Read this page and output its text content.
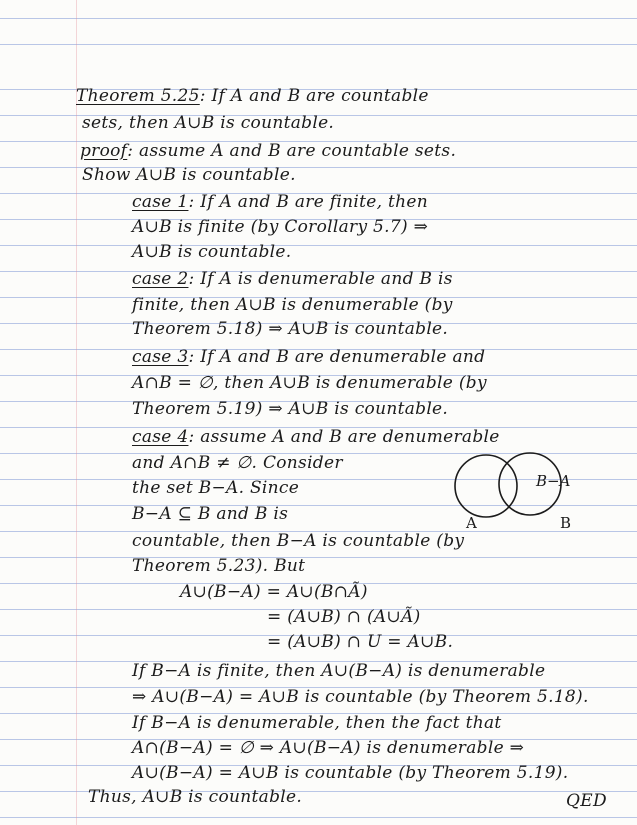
Theorem 5.25: If A and B are countable
sets, then A∪B is countable.
proof: assume A and B are countable sets.
Show A∪B is countable.
case 1: If A and B are finite, then
A∪B is finite (by Corollary 5.7) ⇒
A∪B is countable.
case 2: If A is denumerable and B is
finite, then A∪B is denumerable (by
Theorem 5.18) ⇒ A∪B is countable.
case 3: If A and B are denumerable and
A∩B = ∅, then A∪B is denumerable (by
Theorem 5.19) ⇒ A∪B is countable.
case 4: assume A and B are denumerable
and A∩B ≠ ∅. Consider
the set B−A. Since
B−A ⊆ B and B is
countable, then B−A is countable (by
Theorem 5.23). But
B−A
A	B
A∪(B−A) = A∪(B∩Ã)
= (A∪B) ∩ (A∪Ã)
= (A∪B) ∩ U = A∪B.
If B−A is finite, then A∪(B−A) is denumerable
⇒ A∪(B−A) = A∪B is countable (by Theorem 5.18).
If B−A is denumerable, then the fact that
A∩(B−A) = ∅ ⇒ A∪(B−A) is denumerable ⇒
A∪(B−A) = A∪B is countable (by Theorem 5.19).
Thus, A∪B is countable.	QED
